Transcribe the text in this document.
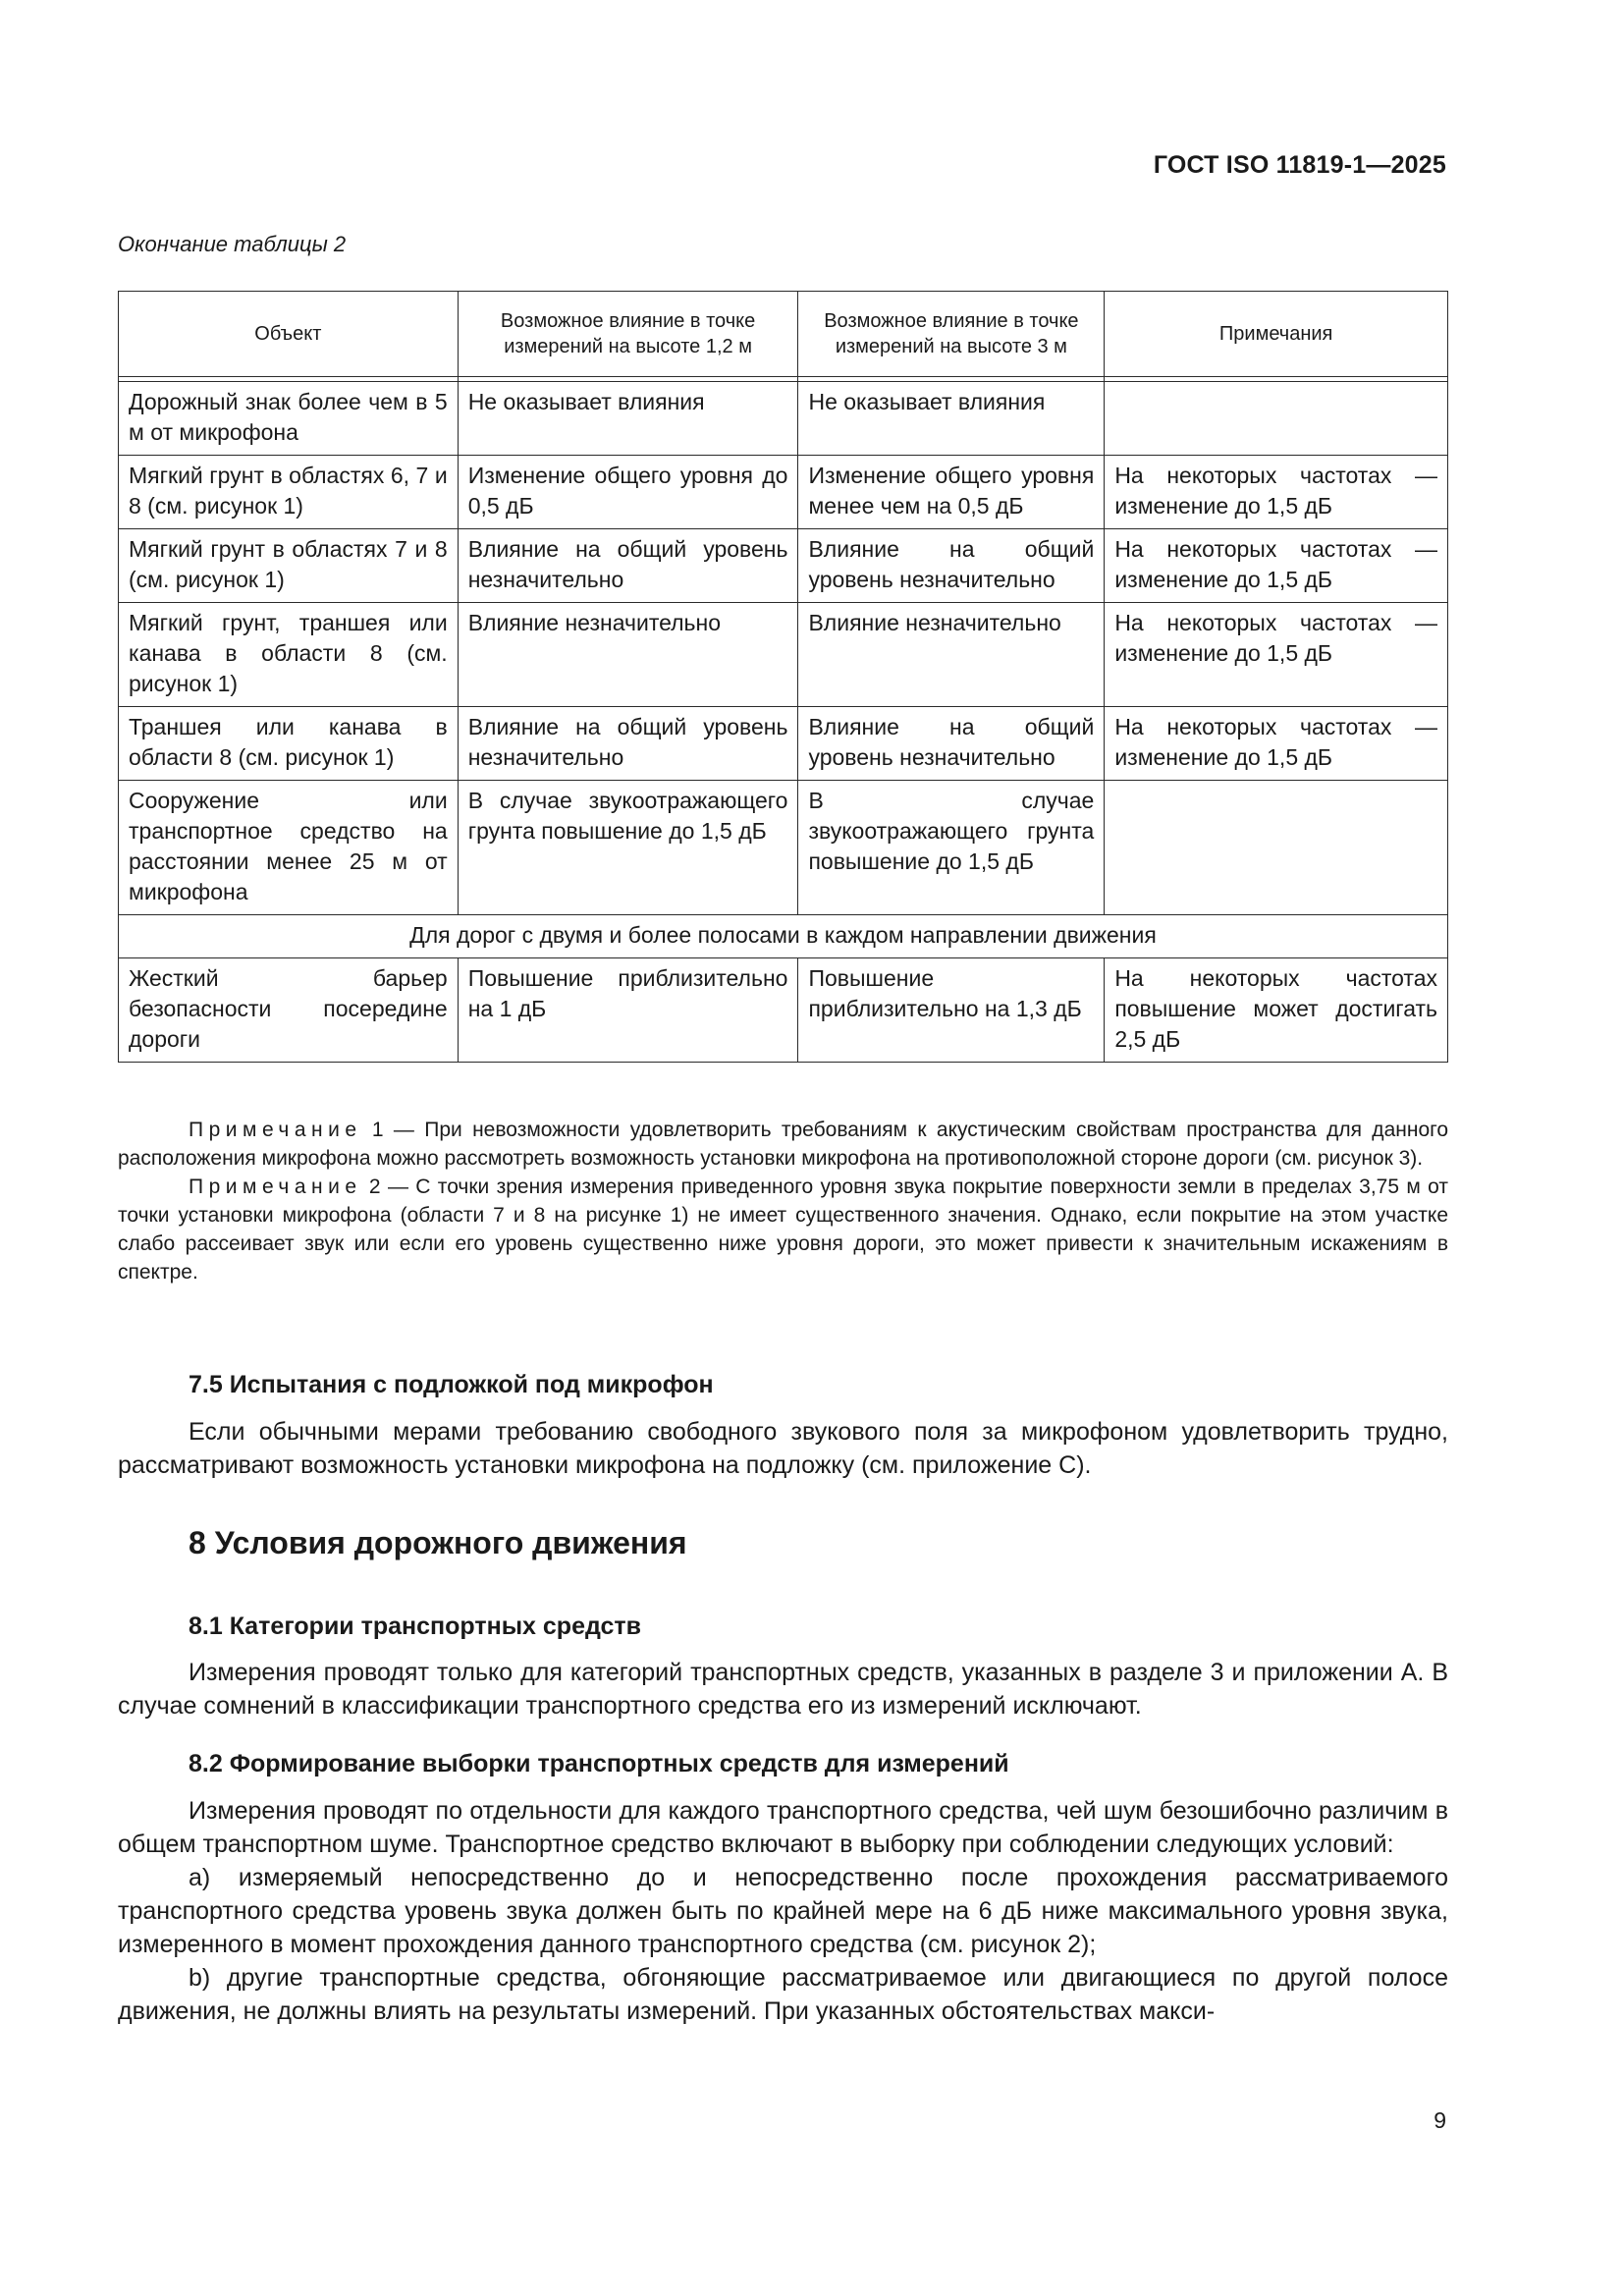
ГОСТ ISO 11819-1—2025
Окончание таблицы 2
Объект	Возможное влияние в точке измерений на высоте 1,2 м	Возможное влияние в точке измерений на высоте 3 м	Примечания

Дорожный знак более чем в 5 м от микрофона	Не оказывает влияния	Не оказывает влияния	
Мягкий грунт в областях 6, 7 и 8 (см. рисунок 1)	Изменение общего уровня до 0,5 дБ	Изменение общего уровня менее чем на 0,5 дБ	На некоторых частотах — изменение до 1,5 дБ
Мягкий грунт в областях 7 и 8 (см. рисунок 1)	Влияние на общий уровень незначительно	Влияние на общий уровень незначительно	На некоторых частотах — изменение до 1,5 дБ
Мягкий грунт, траншея или канава в области 8 (см. рисунок 1)	Влияние незначительно	Влияние незначительно	На некоторых частотах — изменение до 1,5 дБ
Траншея или канава в области 8 (см. рисунок 1)	Влияние на общий уровень незначительно	Влияние на общий уровень незначительно	На некоторых частотах — изменение до 1,5 дБ
Сооружение или транспортное средство на расстоянии менее 25 м от микрофона	В случае звукоотражающего грунта повышение до 1,5 дБ	В случае звукоотражающего грунта повышение до 1,5 дБ	
Для дорог с двумя и более полосами в каждом направлении движения			
Жесткий барьер безопасности посередине дороги	Повышение приблизительно на 1 дБ	Повышение приблизительно на 1,3 дБ	На некоторых частотах повышение может достигать 2,5 дБ

Примечание 1 — При невозможности удовлетворить требованиям к акустическим свойствам пространства для данного расположения микрофона можно рассмотреть возможность установки микрофона на противоположной стороне дороги (см. рисунок 3).

Примечание 2 — С точки зрения измерения приведенного уровня звука покрытие поверхности земли в пределах 3,75 м от точки установки микрофона (области 7 и 8 на рисунке 1) не имеет существенного значения. Однако, если покрытие на этом участке слабо рассеивает звук или если его уровень существенно ниже уровня дороги, это может привести к значительным искажениям в спектре.

7.5 Испытания с подложкой под микрофон

Если обычными мерами требованию свободного звукового поля за микрофоном удовлетворить трудно, рассматривают возможность установки микрофона на подложку (см. приложение С).

8 Условия дорожного движения
8.1 Категории транспортных средств

Измерения проводят только для категорий транспортных средств, указанных в разделе 3 и приложении А. В случае сомнений в классификации транспортного средства его из измерений исключают.

8.2 Формирование выборки транспортных средств для измерений

Измерения проводят по отдельности для каждого транспортного средства, чей шум безошибочно различим в общем транспортном шуме. Транспортное средство включают в выборку при соблюдении следующих условий:

а) измеряемый непосредственно до и непосредственно после прохождения рассматриваемого транспортного средства уровень звука должен быть по крайней мере на 6 дБ ниже максимального уровня звука, измеренного в момент прохождения данного транспортного средства (см. рисунок 2);

b) другие транспортные средства, обгоняющие рассматриваемое или двигающиеся по другой полосе движения, не должны влиять на результаты измерений. При указанных обстоятельствах макси-

9
